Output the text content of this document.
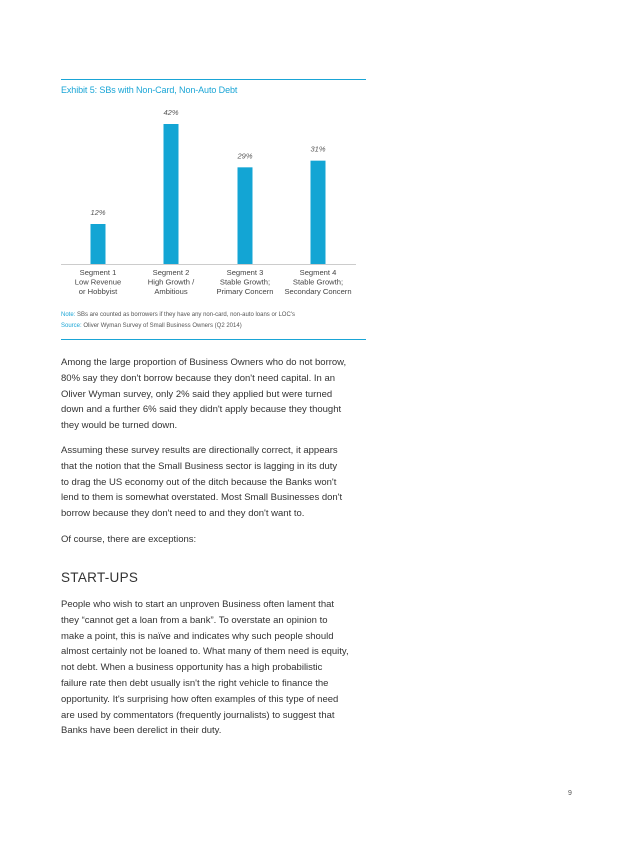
Exhibit 5: SBs with Non-Card, Non-Auto Debt
12%
Segment 1 Low Revenue or Hobbyist
42%
Segment 2 High Growth / Ambitious
29%
Segment 3 Stable Growth; Primary Concern
31%
Segment 4 Stable Growth; Secondary Concern
Note: SBs are counted as borrowers if they have any non-card, non-auto loans or LOC's
Source: Oliver Wyman Survey of Small Business Owners (Q2 2014)

Among the large proportion of Business Owners who do not borrow,
80% say they don't borrow because they don't need capital. In an
Oliver Wyman survey, only 2% said they applied but were turned
down and a further 6% said they didn't apply because they thought
they would be turned down.

Assuming these survey results are directionally correct, it appears
that the notion that the Small Business sector is lagging in its duty
to drag the US economy out of the ditch because the Banks won't
lend to them is somewhat overstated. Most Small Businesses don't
borrow because they don't need to and they don't want to.

Of course, there are exceptions:

START-UPS

People who wish to start an unproven Business often lament that
they “cannot get a loan from a bank”. To overstate an opinion to
make a point, this is naïve and indicates why such people should
almost certainly not be loaned to. What many of them need is equity,
not debt. When a business opportunity has a high probabilistic
failure rate then debt usually isn't the right vehicle to finance the
opportunity. It's surprising how often examples of this type of need
are used by commentators (frequently journalists) to suggest that
Banks have been derelict in their duty.

9
